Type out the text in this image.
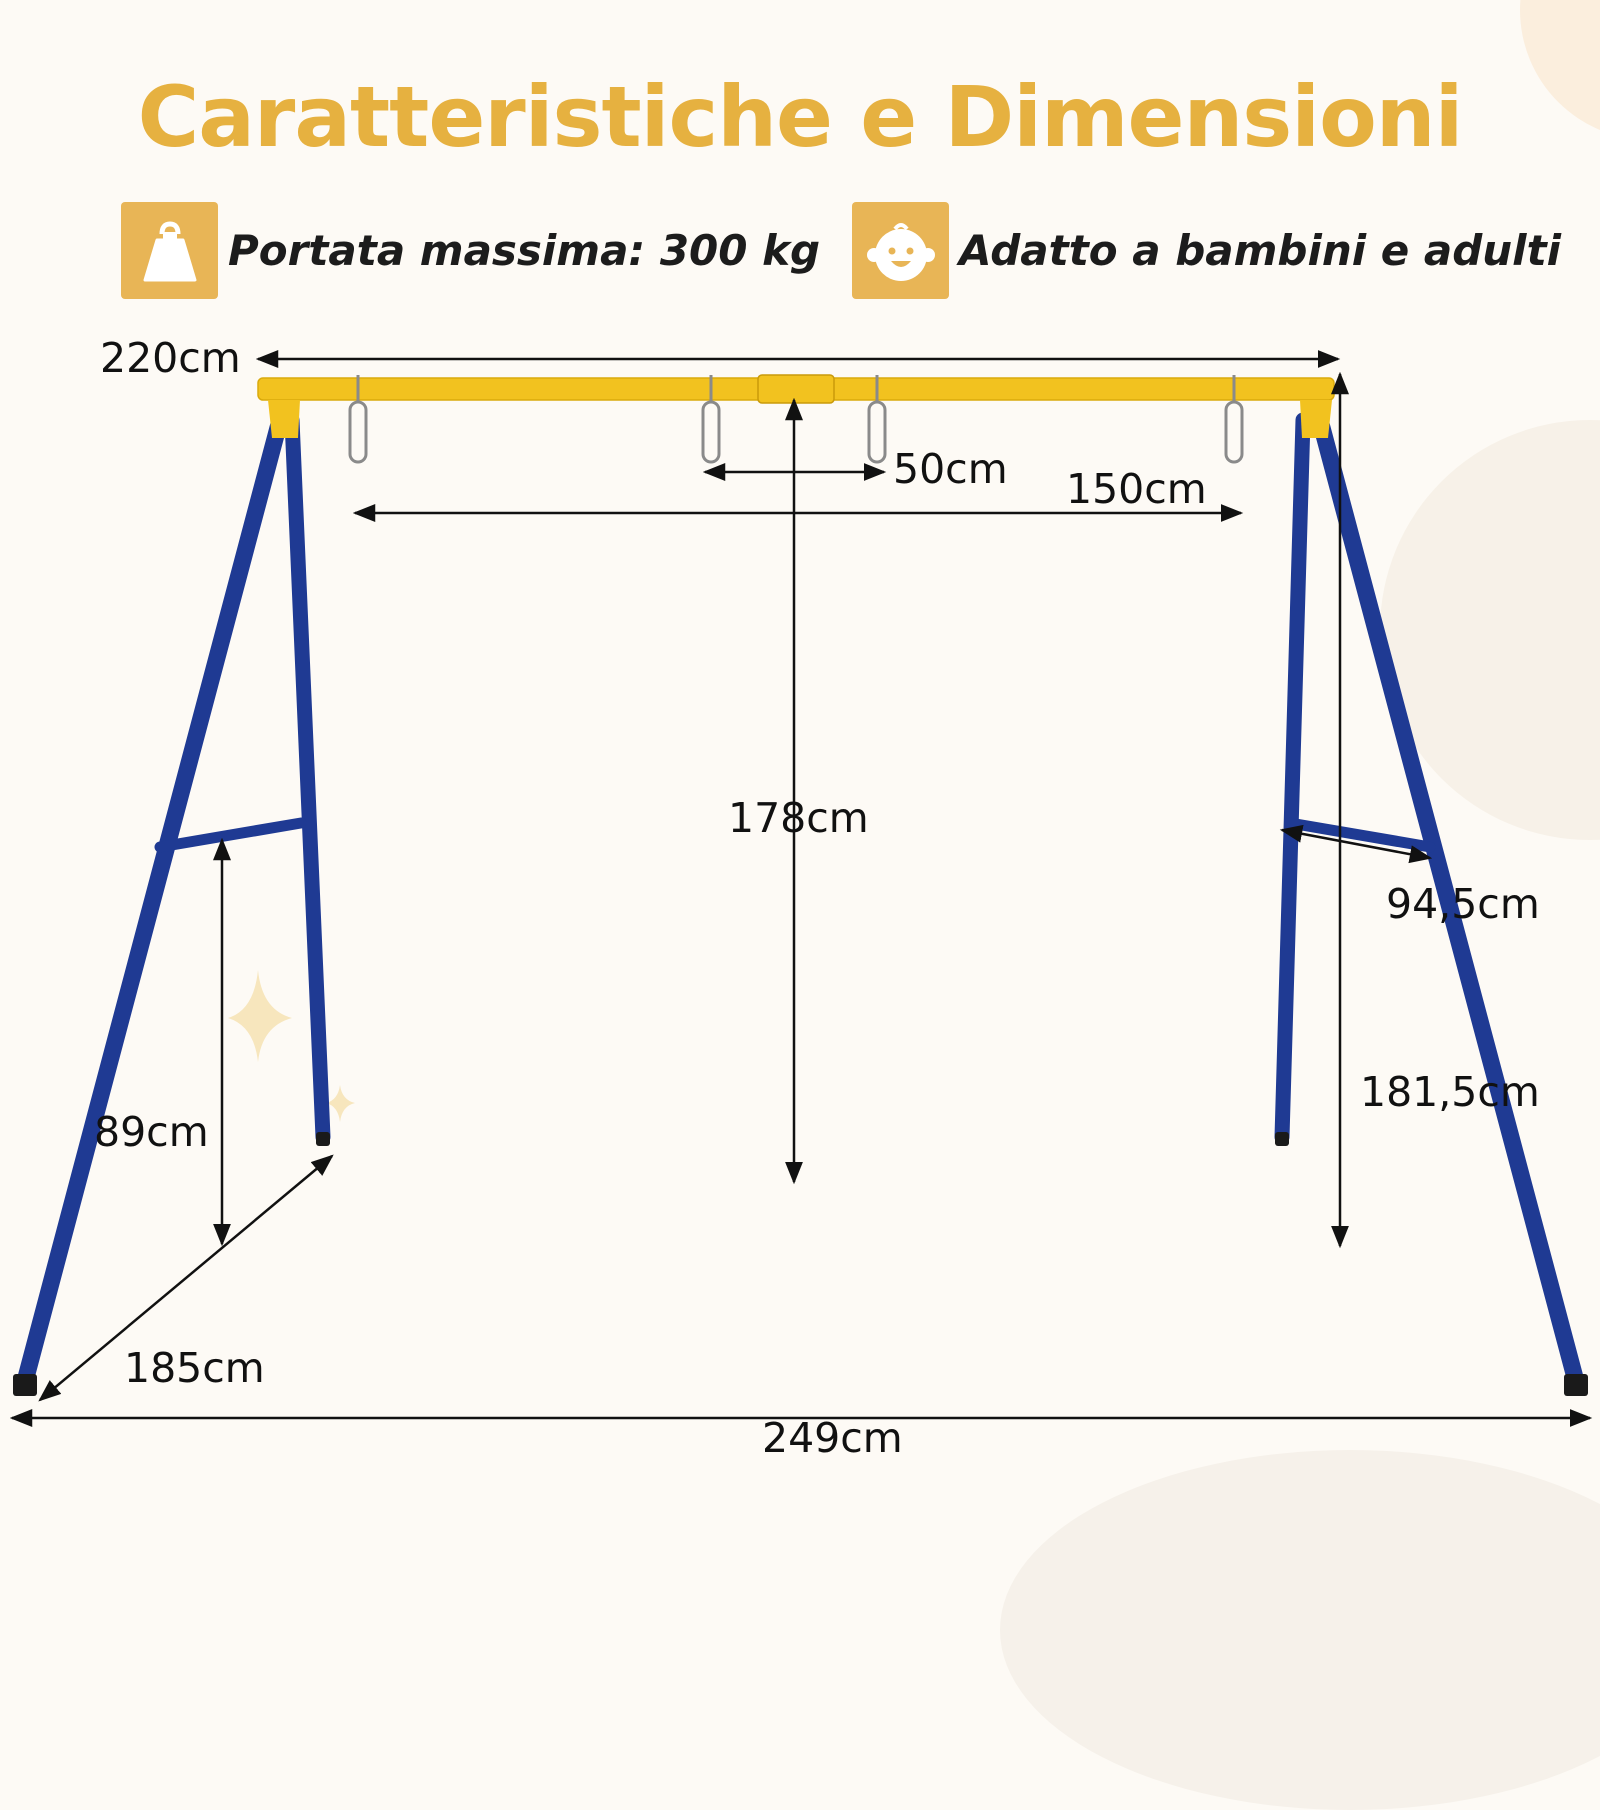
Caratteristiche e Dimensioni
Portata massima: 300 kg	Adatto a bambini e adulti
220cm
50cm 150cm
178cm
94,5cm
181,5cm
89cm
185cm
249cm
